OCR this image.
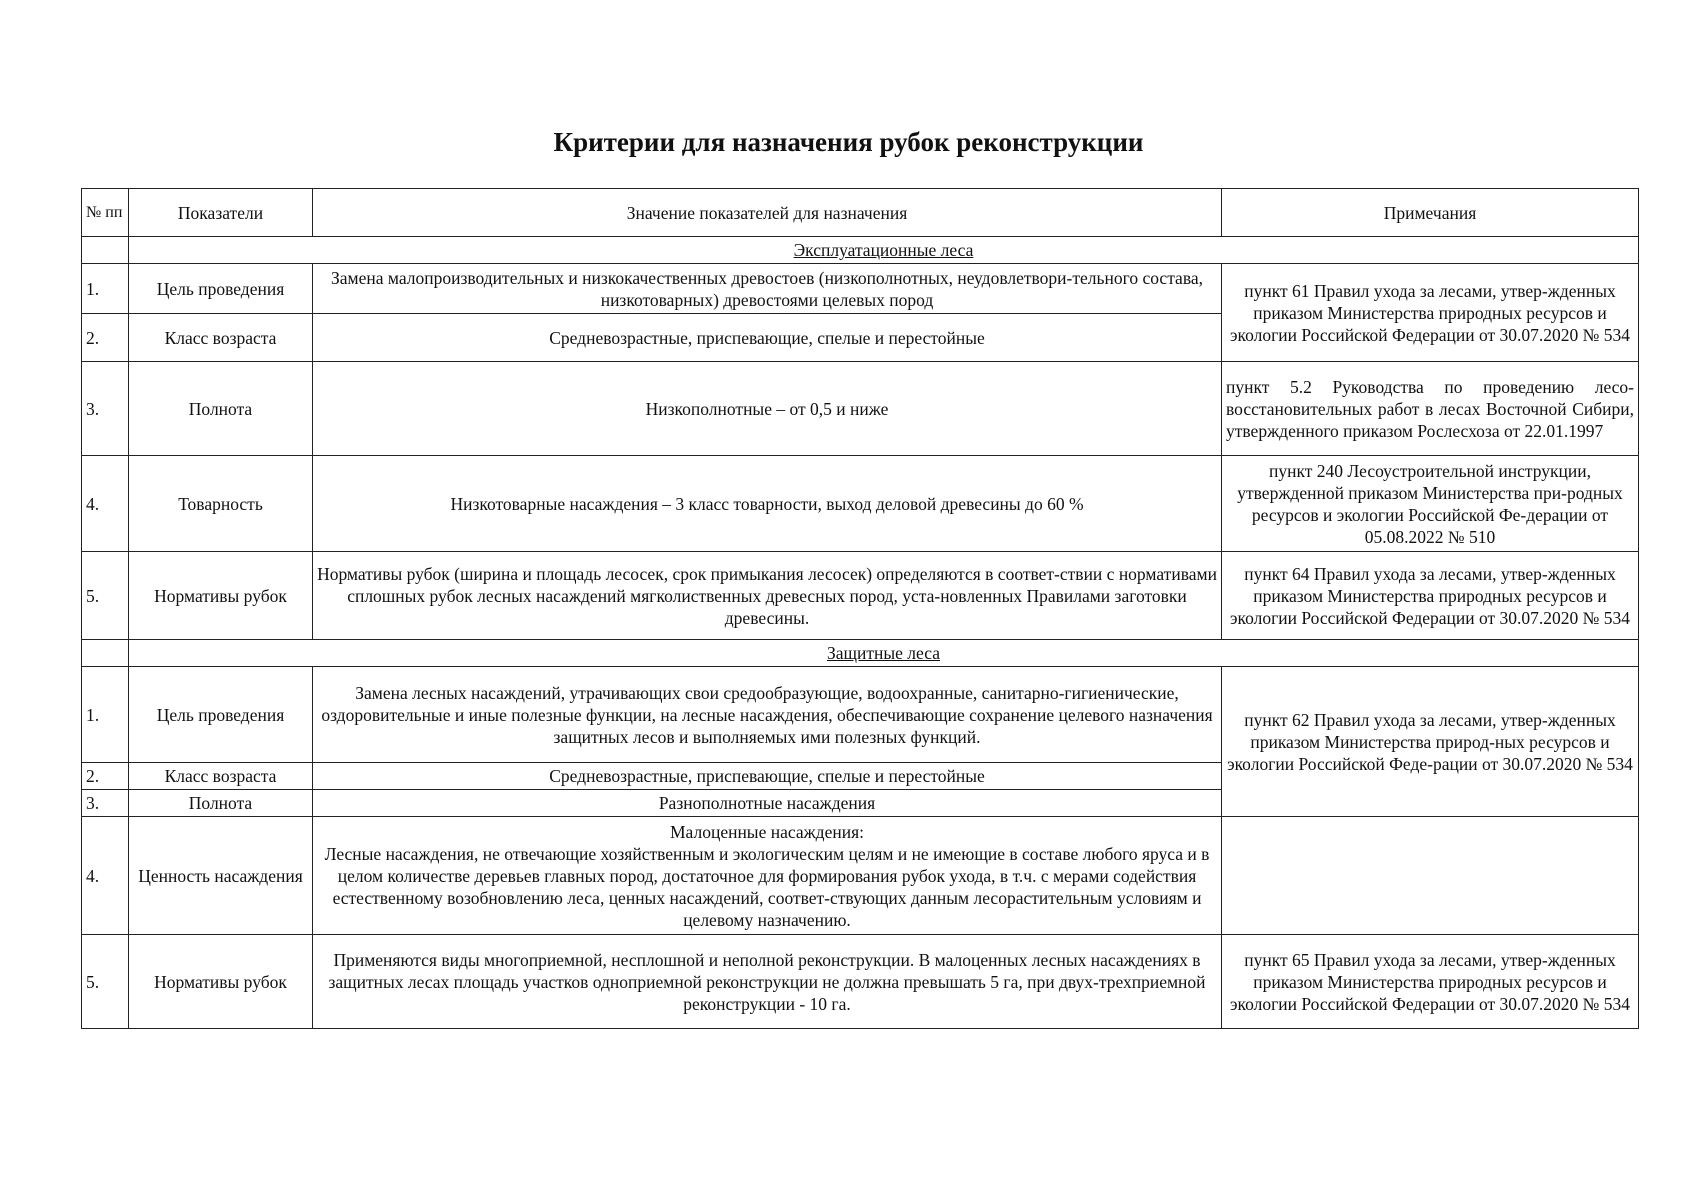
Критерии для назначения рубок реконструкции
№ пп	Показатели	Значение показателей для назначения	Примечания
	Эксплуатационные леса		
1.	Цель проведения	Замена малопроизводительных и низкокачественных древостоев (низкополнотных, неудовлетвори-тельного состава, низкотоварных) древостоями целевых пород	пункт 61 Правил ухода за лесами, утвер-жденных приказом Министерства природных ресурсов и экологии Российской Федерации от 30.07.2020 № 534
2.	Класс возраста	Средневозрастные, приспевающие, спелые и перестойные	
3.	Полнота	Низкополнотные – от 0,5 и ниже	пункт 5.2 Руководства по проведению лесо-восстановительных работ в лесах Восточной Сибири, утвержденного приказом Рослесхоза от 22.01.1997
4.	Товарность	Низкотоварные насаждения – 3 класс товарности, выход деловой древесины до 60 %	пункт 240 Лесоустроительной инструкции, утвержденной приказом Министерства при-родных ресурсов и экологии Российской Фе-дерации от 05.08.2022 № 510
5.	Нормативы рубок	Нормативы рубок (ширина и площадь лесосек, срок примыкания лесосек) определяются в соответ-ствии с нормативами сплошных рубок лесных насаждений мягколиственных древесных пород, уста-новленных Правилами заготовки древесины.	пункт 64 Правил ухода за лесами, утвер-жденных приказом Министерства природных ресурсов и экологии Российской Федерации от 30.07.2020 № 534
	Защитные леса		
1.	Цель проведения	Замена лесных насаждений, утрачивающих свои средообразующие, водоохранные, санитарно-гигиенические, оздоровительные и иные полезные функции, на лесные насаждения, обеспечивающие сохранение целевого назначения защитных лесов и выполняемых ими полезных функций.	пункт 62 Правил ухода за лесами, утвер-жденных приказом Министерства природ-ных ресурсов и экологии Российской Феде-рации от 30.07.2020 № 534
2.	Класс возраста	Средневозрастные, приспевающие, спелые и перестойные	
3.	Полнота	Разнополнотные насаждения	
4.	Ценность насаждения	Малоценные насаждения:
Лесные насаждения, не отвечающие хозяйственным и экологическим целям и не имеющие в составе любого яруса и в целом количестве деревьев главных пород, достаточное для формирования рубок ухода, в т.ч. с мерами содействия естественному возобновлению леса, ценных насаждений, соответ-ствующих данным лесорастительным условиям и целевому назначению.	

5.	Нормативы рубок	Применяются виды многоприемной, несплошной и неполной реконструкции. В малоценных лесных насаждениях в защитных лесах площадь участков одноприемной реконструкции не должна превышать 5 га, при двух-трехприемной реконструкции - 10 га.	пункт 65 Правил ухода за лесами, утвер-жденных приказом Министерства природных ресурсов и экологии Российской Федерации от 30.07.2020 № 534
